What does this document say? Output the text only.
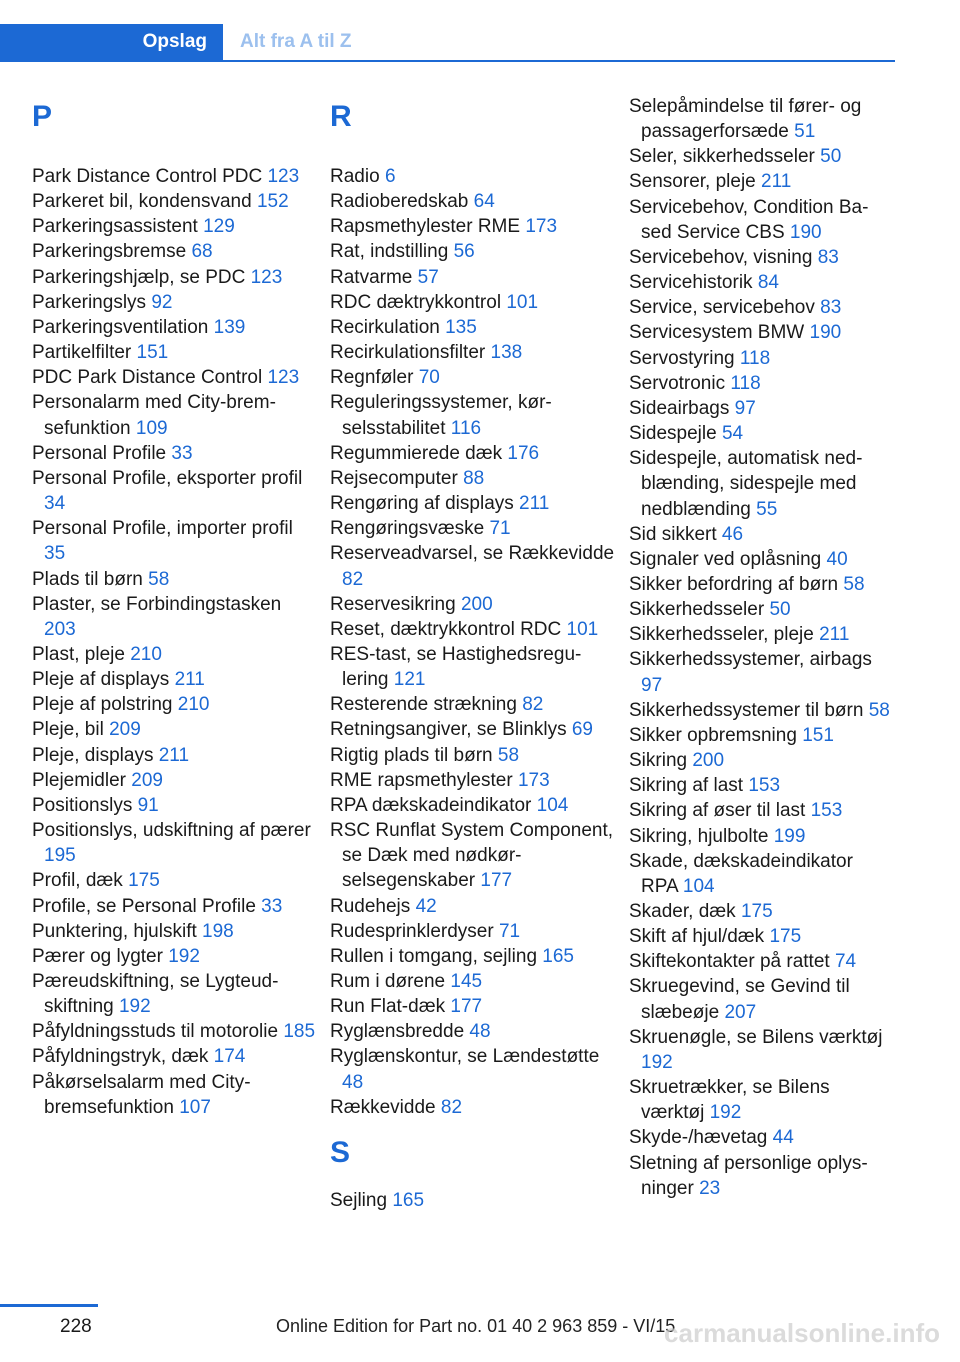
Opslag	Alt fra A til Z
P
Park Distance Control PDC 123
Parkeret bil, kondensvand 152
Parkeringsassistent 129
Parkeringsbremse 68
Parkeringshjælp, se PDC 123
Parkeringslys 92
Parkeringsventilation 139
Partikelfilter 151
PDC Park Distance Control 123
Personalarm med City-bremsefunktion 109
Personal Profile 33
Personal Profile, eksporter profil 34
Personal Profile, importer profil 35
Plads til børn 58
Plaster, se Forbindingstasken 203
Plast, pleje 210
Pleje af displays 211
Pleje af polstring 210
Pleje, bil 209
Pleje, displays 211
Plejemidler 209
Positionslys 91
Positionslys, udskiftning af pærer 195
Profil, dæk 175
Profile, se Personal Profile 33
Punktering, hjulskift 198
Pærer og lygter 192
Pæreudskiftning, se Lygteudskiftning 192
Påfyldningsstuds til motorolie 185
Påfyldningstryk, dæk 174
Påkørselsalarm med City-bremsefunktion 107
R
Radio 6
Radioberedskab 64
Rapsmethylester RME 173
Rat, indstilling 56
Ratvarme 57
RDC dæktrykkontrol 101
Recirkulation 135
Recirkulationsfilter 138
Regnføler 70
Reguleringssystemer, kørselsstabilitet 116
Regummierede dæk 176
Rejsecomputer 88
Rengøring af displays 211
Rengøringsvæske 71
Reserveadvarsel, se Rækkevidde 82
Reservesikring 200
Reset, dæktrykkontrol RDC 101
RES-tast, se Hastighedsregulering 121
Resterende strækning 82
Retningsangiver, se Blinklys 69
Rigtig plads til børn 58
RME rapsmethylester 173
RPA dækskadeindikator 104
RSC Runflat System Component, se Dæk med nødkørselsegenskaber 177
Rudehejs 42
Rudesprinklerdyser 71
Rullen i tomgang, sejling 165
Rum i dørene 145
Run Flat-dæk 177
Ryglænsbredde 48
Ryglænskontur, se Lændestøtte 48
Rækkevidde 82
S
Sejling 165
Selepåmindelse til fører- og passagerforsæde 51
Seler, sikkerhedsseler 50
Sensorer, pleje 211
Servicebehov, Condition Based Service CBS 190
Servicebehov, visning 83
Servicehistorik 84
Service, servicebehov 83
Servicesystem BMW 190
Servostyring 118
Servotronic 118
Sideairbags 97
Sidespejle 54
Sidespejle, automatisk nedblænding, sidespejle med nedblænding 55
Sid sikkert 46
Signaler ved oplåsning 40
Sikker befordring af børn 58
Sikkerhedsseler 50
Sikkerhedsseler, pleje 211
Sikkerhedssystemer, airbags 97
Sikkerhedssystemer til børn 58
Sikker opbremsning 151
Sikring 200
Sikring af last 153
Sikring af øser til last 153
Sikring, hjulbolte 199
Skade, dækskadeindikator RPA 104
Skader, dæk 175
Skift af hjul/dæk 175
Skiftekontakter på rattet 74
Skruegevind, se Gevind til slæbeøje 207
Skruenøgle, se Bilens værktøj 192
Skruetrækker, se Bilens værktøj 192
Skyde-/hævetag 44
Sletning af personlige oplysninger 23
228	Online Edition for Part no. 01 40 2 963 859 - VI/15
carmanualsonline.info
